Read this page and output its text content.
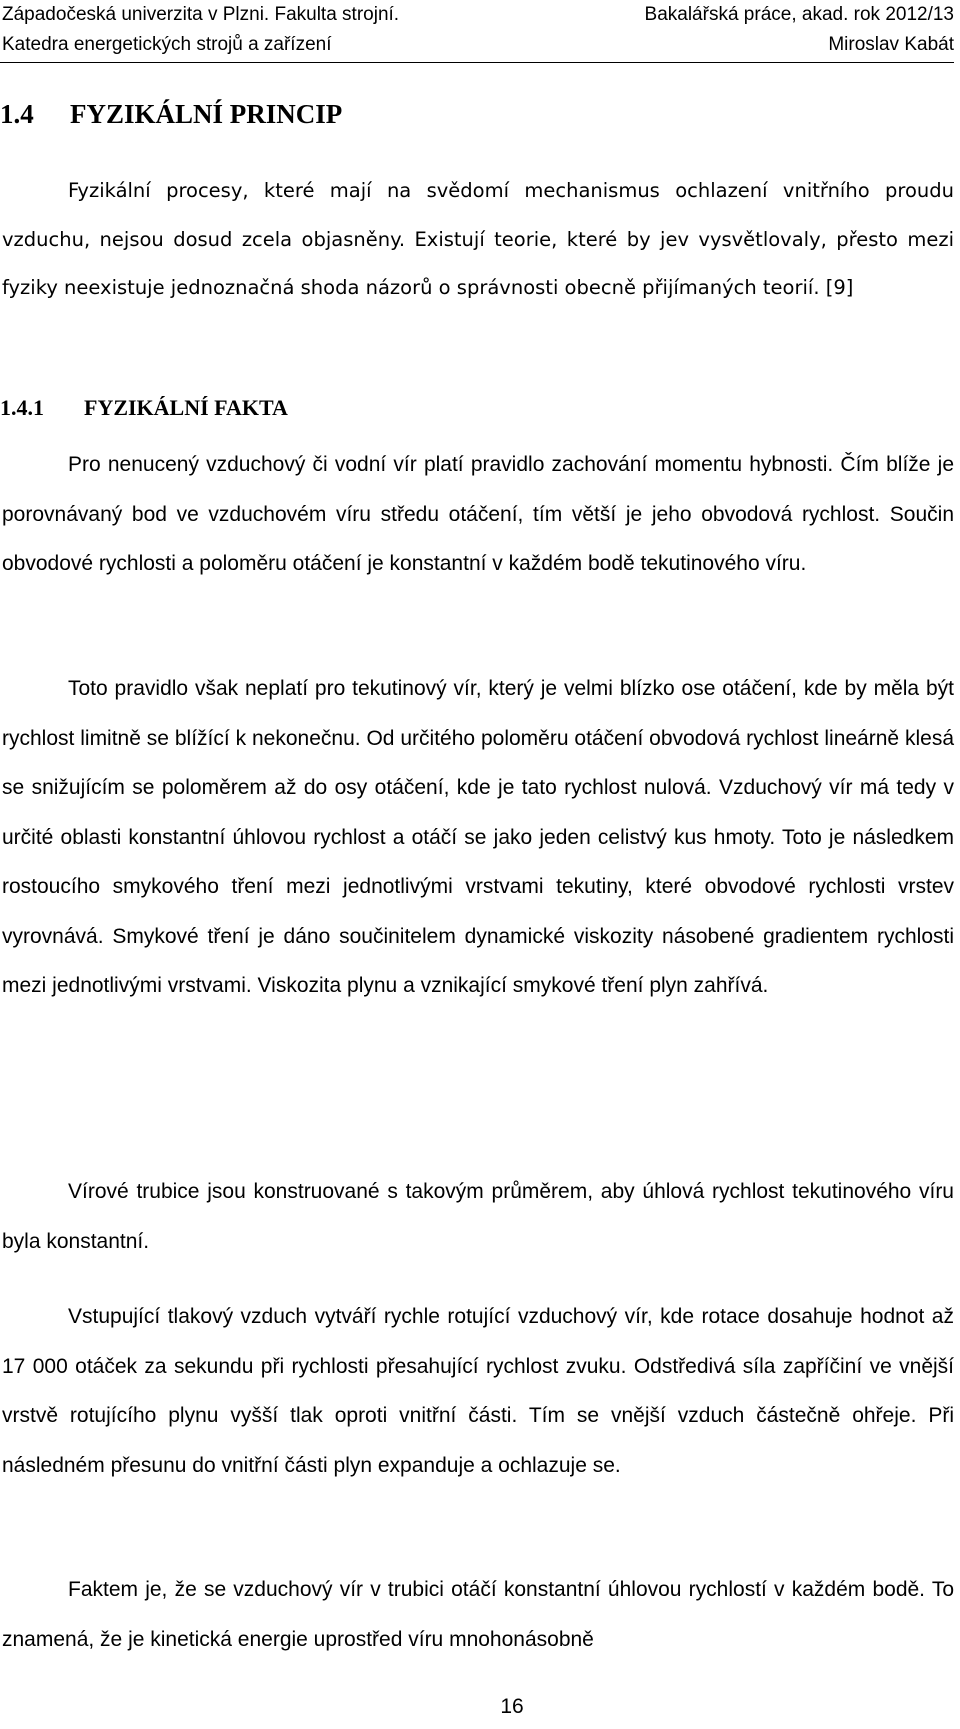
Západočeská univerzita v Plzni. Fakulta strojní.	Bakalářská práce, akad. rok 2012/13
Katedra energetických strojů a zařízení	Miroslav Kabát
1.4 FYZIKÁLNÍ PRINCIP

Fyzikální procesy, které mají na svědomí mechanismus ochlazení vnitřního proudu vzduchu, nejsou dosud zcela objasněny. Existují teorie, které by jev vysvětlovaly, přesto mezi fyziky neexistuje jednoznačná shoda názorů o správnosti obecně přijímaných teorií. [9]

1.4.1 FYZIKÁLNÍ FAKTA

Pro nenucený vzduchový či vodní vír platí pravidlo zachování momentu hybnosti. Čím blíže je porovnávaný bod ve vzduchovém víru středu otáčení, tím větší je jeho obvodová rychlost. Součin obvodové rychlosti a poloměru otáčení je konstantní v každém bodě tekutinového víru.

Toto pravidlo však neplatí pro tekutinový vír, který je velmi blízko ose otáčení, kde by měla být rychlost limitně se blížící k nekonečnu. Od určitého poloměru otáčení obvodová rychlost lineárně klesá se snižujícím se poloměrem až do osy otáčení, kde je tato rychlost nulová. Vzduchový vír má tedy v určité oblasti konstantní úhlovou rychlost a otáčí se jako jeden celistvý kus hmoty. Toto je následkem rostoucího smykového tření mezi jednotlivými vrstvami tekutiny, které obvodové rychlosti vrstev vyrovnává. Smykové tření je dáno součinitelem dynamické viskozity násobené gradientem rychlosti mezi jednotlivými vrstvami. Viskozita plynu a vznikající smykové tření plyn zahřívá.

Vírové trubice jsou konstruované s takovým průměrem, aby úhlová rychlost tekutinového víru byla konstantní.

Vstupující tlakový vzduch vytváří rychle rotující vzduchový vír, kde rotace dosahuje hodnot až 17 000 otáček za sekundu při rychlosti přesahující rychlost zvuku. Odstředivá síla zapříčiní ve vnější vrstvě rotujícího plynu vyšší tlak oproti vnitřní části. Tím se vnější vzduch částečně ohřeje. Při následném přesunu do vnitřní části plyn expanduje a ochlazuje se.

Faktem je, že se vzduchový vír v trubici otáčí konstantní úhlovou rychlostí v každém bodě. To znamená, že je kinetická energie uprostřed víru mnohonásobně

16
